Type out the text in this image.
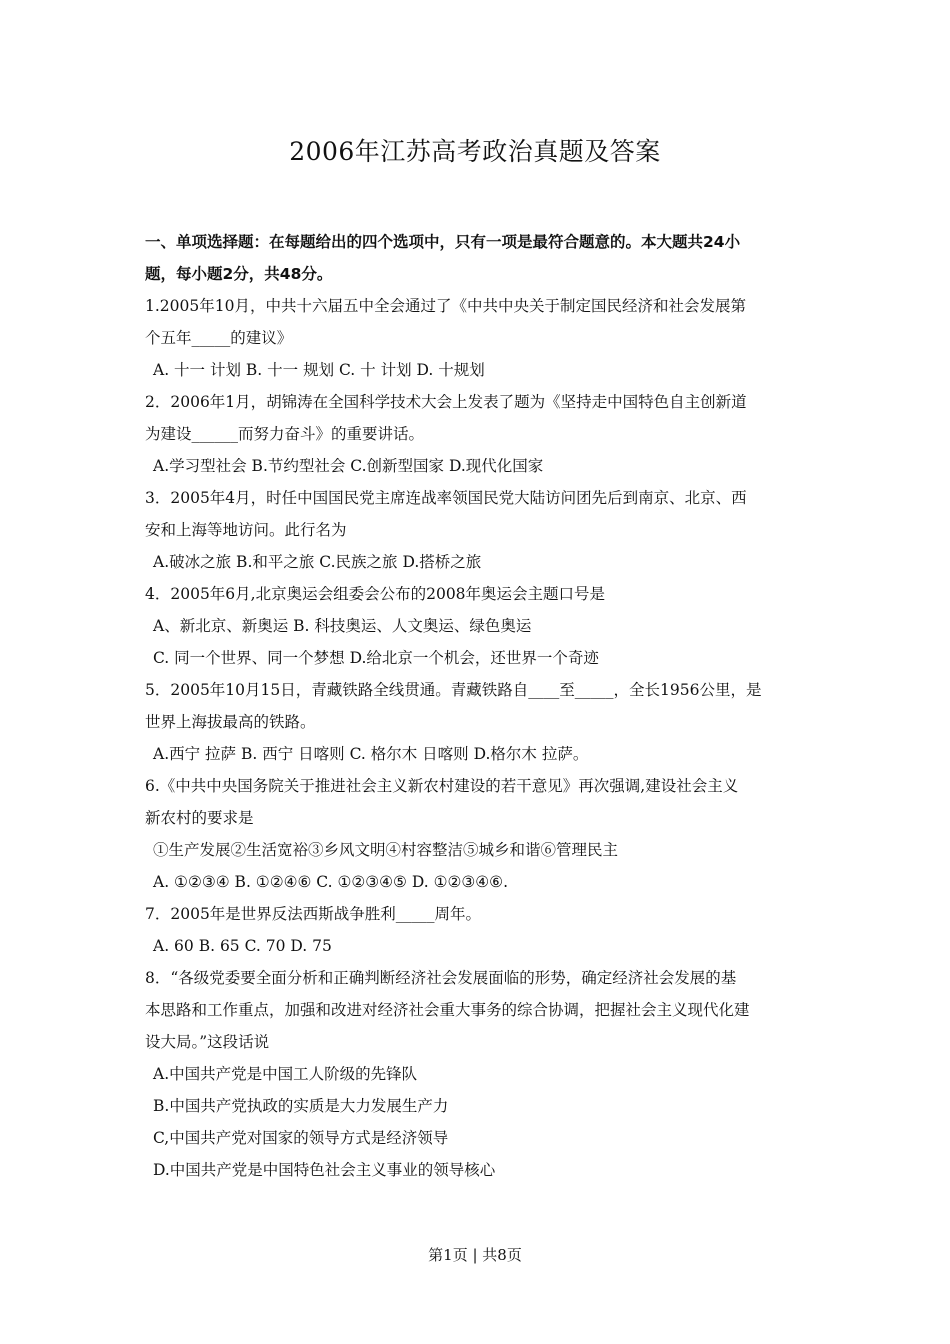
2006年江苏高考政治真题及答案
一、单项选择题：在每题给出的四个选项中，只有一项是最符合题意的。本大题共24小
题，每小题2分，共48分。
1.2005年10月，中共十六届五中全会通过了《中共中央关于制定国民经济和社会发展第
个五年_____的建议》
A. 十一 计划 B. 十一 规划 C. 十 计划 D. 十规划
2．2006年1月，胡锦涛在全国科学技术大会上发表了题为《坚持走中国特色自主创新道
为建设______而努力奋斗》的重要讲话。
A.学习型社会 B.节约型社会 C.创新型国家 D.现代化国家
3．2005年4月，时任中国国民党主席连战率领国民党大陆访问团先后到南京、北京、西
安和上海等地访问。此行名为
A.破冰之旅 B.和平之旅 C.民族之旅 D.搭桥之旅
4．2005年6月,北京奥运会组委会公布的2008年奥运会主题口号是
A、新北京、新奥运 B. 科技奥运、人文奥运、绿色奥运
C. 同一个世界、同一个梦想 D.给北京一个机会，还世界一个奇迹
5．2005年10月15日，青藏铁路全线贯通。青藏铁路自____至_____，全长1956公里，是
世界上海拔最高的铁路。
A.西宁 拉萨 B. 西宁 日喀则 C. 格尔木 日喀则 D.格尔木 拉萨。
6.《中共中央国务院关于推进社会主义新农村建设的若干意见》再次强调,建设社会主义
新农村的要求是
①生产发展②生活宽裕③乡风文明④村容整洁⑤城乡和谐⑥管理民主
A. ①②③④ B. ①②④⑥ C. ①②③④⑤ D. ①②③④⑥.
7．2005年是世界反法西斯战争胜利_____周年。
A. 60 B. 65 C. 70 D. 75
8．“各级党委要全面分析和正确判断经济社会发展面临的形势，确定经济社会发展的基
本思路和工作重点，加强和改进对经济社会重大事务的综合协调，把握社会主义现代化建
设大局。”这段话说
A.中国共产党是中国工人阶级的先锋队
B.中国共产党执政的实质是大力发展生产力
C,中国共产党对国家的领导方式是经济领导
D.中国共产党是中国特色社会主义事业的领导核心
第1页 | 共8页
